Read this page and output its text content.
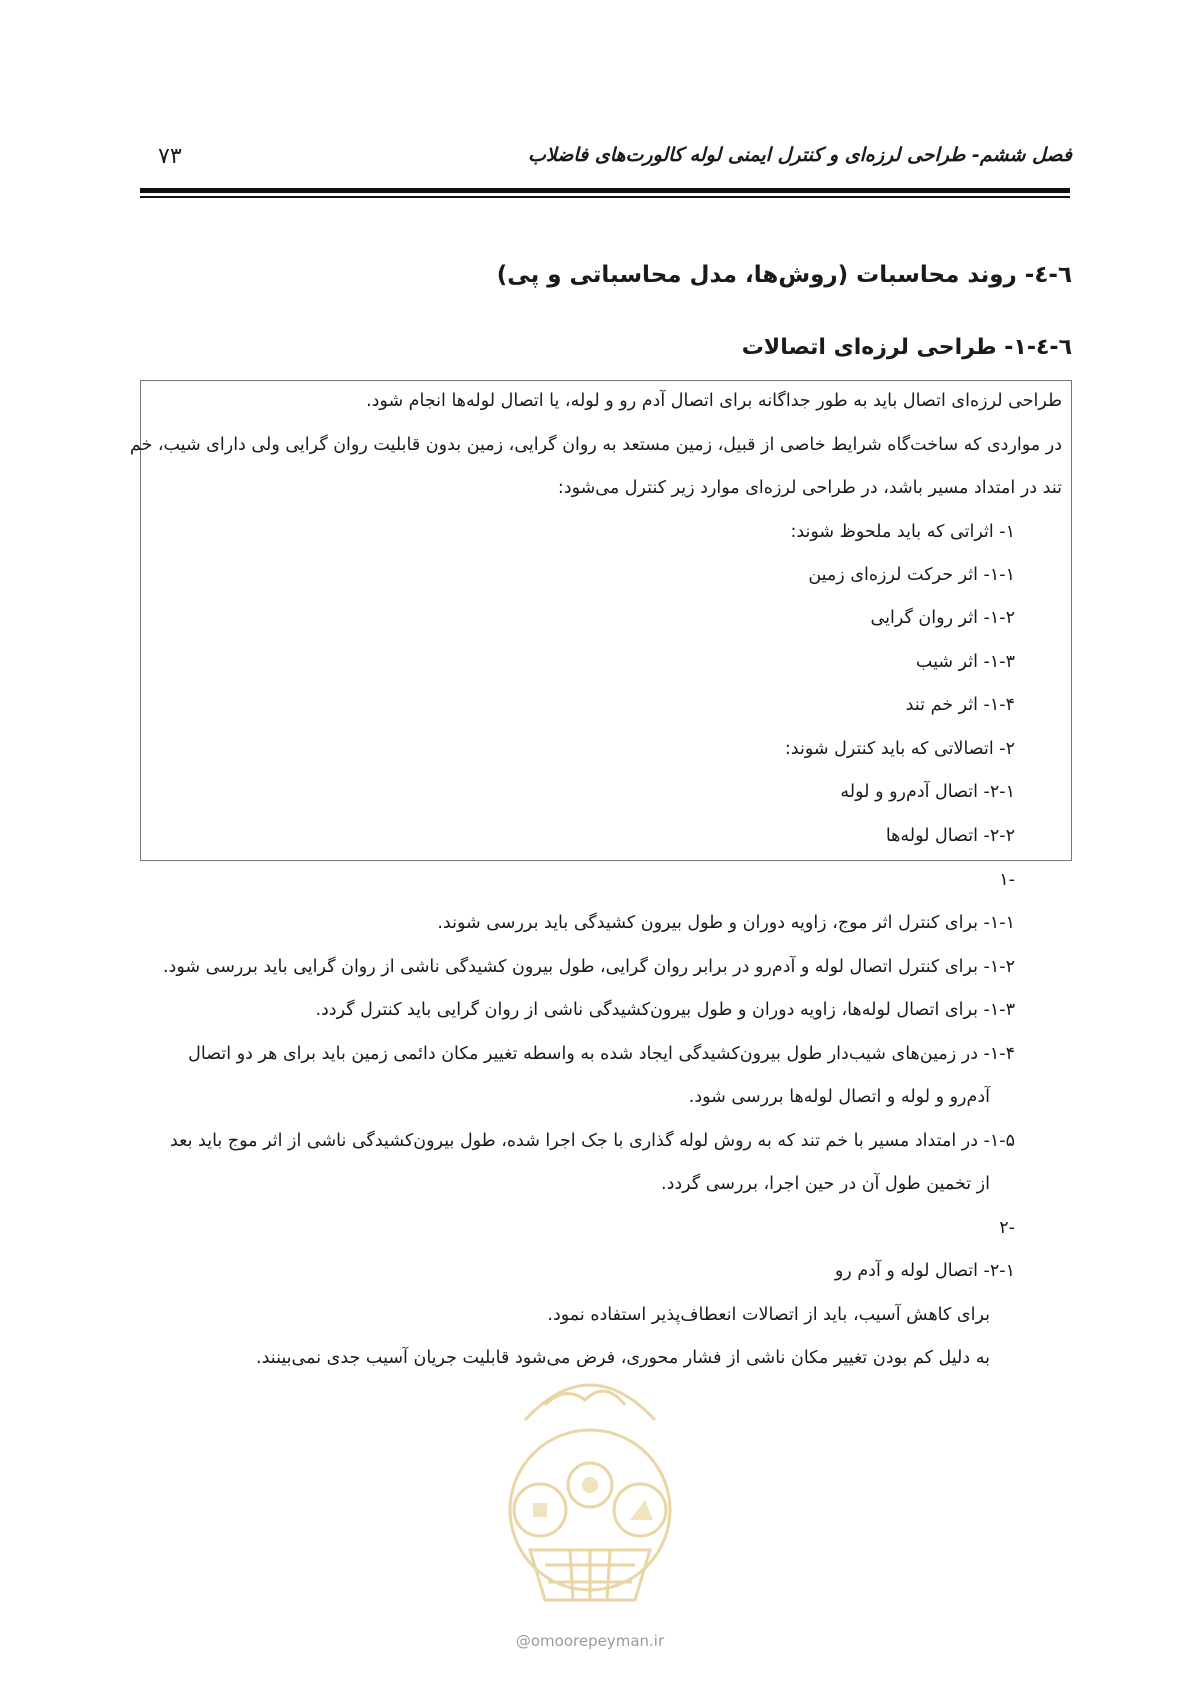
فصل ششم- طراحی لرزه‌ای و کنترل ایمنی لوله کالورت‌های فاضلاب
۷۳
٦-٤- روند محاسبات (روش‌ها، مدل محاسباتی و پی)
٦-٤-١- طراحی لرزه‌ای اتصالات
طراحی لرزه‌ای اتصال باید به طور جداگانه برای اتصال آدم رو و لوله، یا اتصال لوله‌ها انجام شود.
در مواردی که ساخت‌گاه شرایط خاصی از قبیل، زمین مستعد به روان گرایی، زمین بدون قابلیت روان گرایی ولی دارای شیب، خم
تند در امتداد مسیر باشد، در طراحی لرزه‌ای موارد زیر کنترل می‌شود:
۱- اثراتی که باید ملحوظ شوند:
۱-۱- اثر حرکت لرزه‌ای زمین
۱-۲- اثر روان گرایی
۱-۳- اثر شیب
۱-۴- اثر خم تند
۲- اتصالاتی که باید کنترل شوند:
۲-۱- اتصال آدم‌رو و لوله
۲-۲- اتصال لوله‌ها
۱-
۱-۱- برای کنترل اثر موج، زاویه دوران و طول بیرون کشیدگی باید بررسی شوند.
۱-۲- برای کنترل اتصال لوله و آدم‌رو در برابر روان گرایی، طول بیرون کشیدگی ناشی از روان گرایی باید بررسی شود.
۱-۳- برای اتصال لوله‌ها، زاویه دوران و طول بیرون‌کشیدگی ناشی از روان گرایی باید کنترل گردد.
۱-۴- در زمین‌های شیب‌دار طول بیرون‌کشیدگی ایجاد شده به واسطه تغییر مکان دائمی زمین باید برای هر دو اتصال
آدم‌رو و لوله و اتصال لوله‌ها بررسی شود.
۱-۵- در امتداد مسیر با خم تند که به روش لوله گذاری با جک اجرا شده، طول بیرون‌کشیدگی ناشی از اثر موج باید بعد
از تخمین طول آن در حین اجرا، بررسی گردد.
۲-
۲-۱- اتصال لوله و آدم رو
برای کاهش آسیب، باید از اتصالات انعطاف‌پذیر استفاده نمود.
به دلیل کم بودن تغییر مکان ناشی از فشار محوری، فرض می‌شود قابلیت جریان آسیب جدی نمی‌بینند.
@omoorepeyman.ir
